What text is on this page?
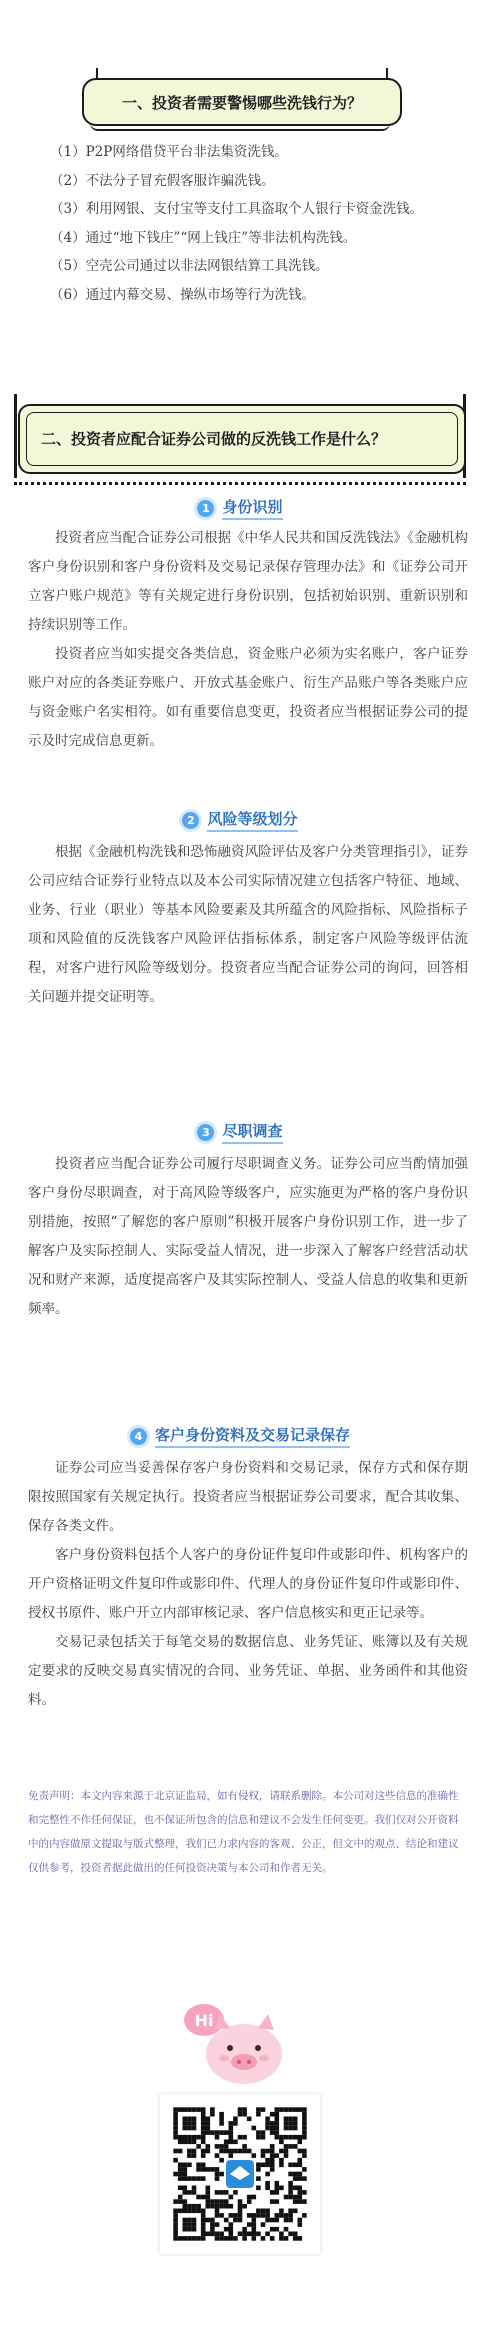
一、投资者需要警惕哪些洗钱行为？

（1）P2P网络借贷平台非法集资洗钱。

（2）不法分子冒充假客服诈骗洗钱。

（3）利用网银、支付宝等支付工具盗取个人银行卡资金洗钱。

（4）通过“地下钱庄”“网上钱庄”等非法机构洗钱。

（5）空壳公司通过以非法网银结算工具洗钱。

（6）通过内幕交易、操纵市场等行为洗钱。

二、投资者应配合证券公司做的反洗钱工作是什么？
1 身份识别

投资者应当配合证券公司根据《中华人民共和国反洗钱法》《金融机构客户身份识别和客户身份资料及交易记录保存管理办法》和《证券公司开立客户账户规范》等有关规定进行身份识别，包括初始识别、重新识别和持续识别等工作。

投资者应当如实提交各类信息，资金账户必须为实名账户，客户证券账户对应的各类证券账户、开放式基金账户、衍生产品账户等各类账户应与资金账户名实相符。如有重要信息变更，投资者应当根据证券公司的提示及时完成信息更新。

2 风险等级划分

根据《金融机构洗钱和恐怖融资风险评估及客户分类管理指引》，证券公司应结合证券行业特点以及本公司实际情况建立包括客户特征、地域、业务、行业（职业）等基本风险要素及其所蕴含的风险指标、风险指标子项和风险值的反洗钱客户风险评估指标体系，制定客户风险等级评估流程，对客户进行风险等级划分。投资者应当配合证券公司的询问，回答相关问题并提交证明等。

3 尽职调查

投资者应当配合证券公司履行尽职调查义务。证券公司应当酌情加强客户身份尽职调查，对于高风险等级客户，应实施更为严格的客户身份识别措施，按照“了解您的客户原则”积极开展客户身份识别工作，进一步了解客户及实际控制人、实际受益人情况，进一步深入了解客户经营活动状况和财产来源，适度提高客户及其实际控制人、受益人信息的收集和更新频率。

4 客户身份资料及交易记录保存

证券公司应当妥善保存客户身份资料和交易记录，保存方式和保存期限按照国家有关规定执行。投资者应当根据证券公司要求，配合其收集、保存各类文件。

客户身份资料包括个人客户的身份证件复印件或影印件、机构客户的开户资格证明文件复印件或影印件、代理人的身份证件复印件或影印件、授权书原件、账户开立内部审核记录、客户信息核实和更正记录等。

交易记录包括关于每笔交易的数据信息、业务凭证、账簿以及有关规定要求的反映交易真实情况的合同、业务凭证、单据、业务函件和其他资料。

免责声明：本文内容来源于北京证监局，如有侵权，请联系删除。本公司对这些信息的准确性和完整性不作任何保证，也不保证所包含的信息和建议不会发生任何变更。我们仅对公开资料中的内容做原文提取与版式整理，我们已力求内容的客观、公正，但文中的观点、结论和建议仅供参考，投资者据此做出的任何投资决策与本公司和作者无关。
Hi
